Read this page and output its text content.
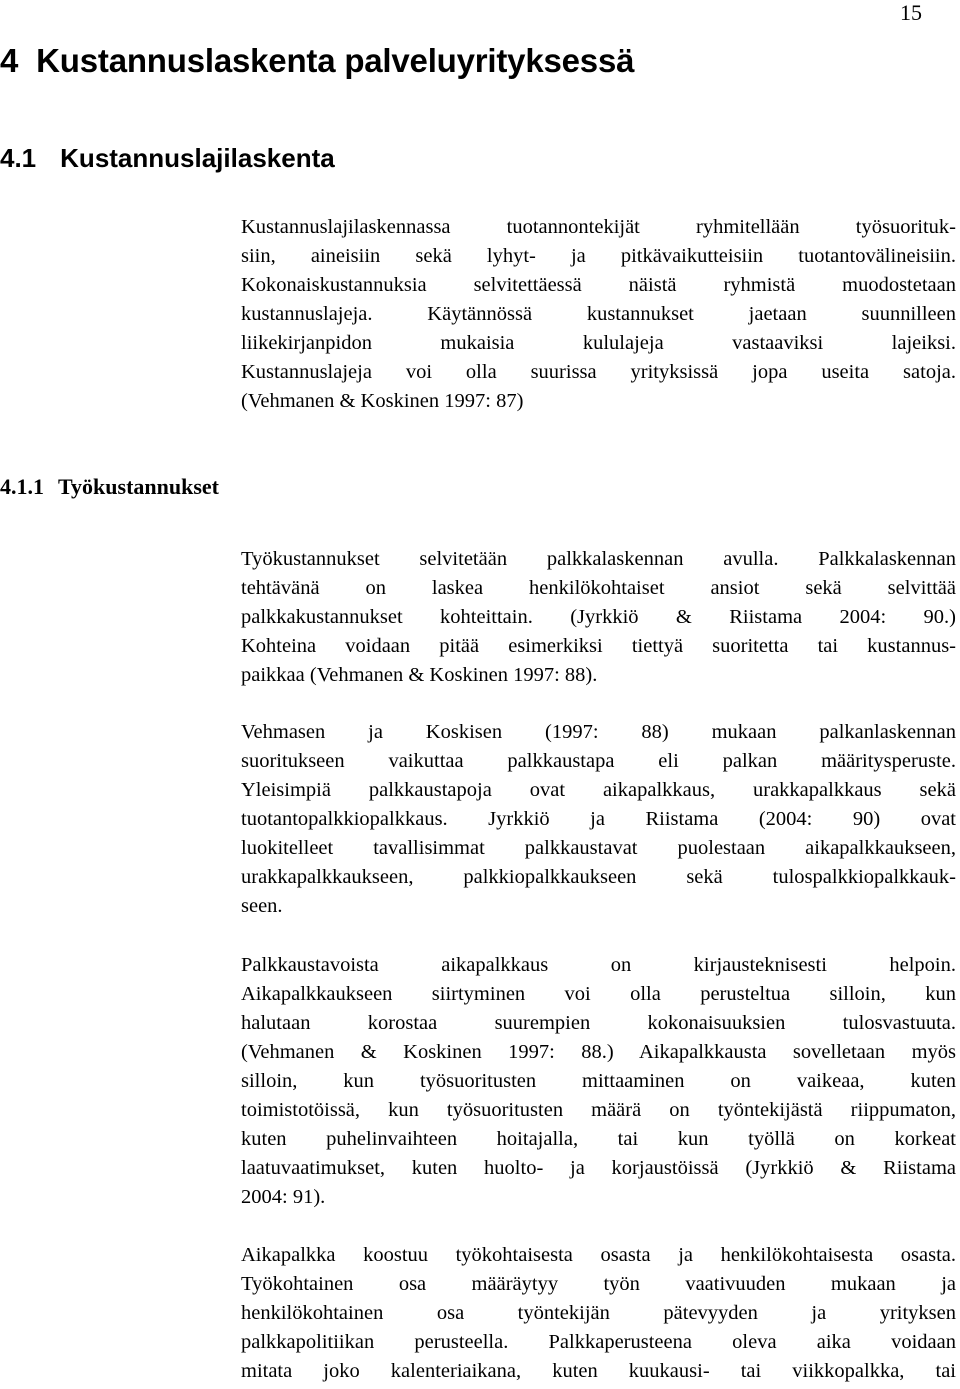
15
4 Kustannuslaskenta palveluyrityksessä
4.1 Kustannuslajilaskenta
Kustannuslajilaskennassa tuotannontekijät ryhmitellään työsuorituk-
siin, aineisiin sekä lyhyt- ja pitkävaikutteisiin tuotantovälineisiin.
Kokonaiskustannuksia selvitettäessä näistä ryhmistä muodostetaan
kustannuslajeja. Käytännössä kustannukset jaetaan suunnilleen
liikekirjanpidon mukaisia kululajeja vastaaviksi lajeiksi.
Kustannuslajeja voi olla suurissa yrityksissä jopa useita satoja.
(Vehmanen & Koskinen 1997: 87)
4.1.1 Työkustannukset
Työkustannukset selvitetään palkkalaskennan avulla. Palkkalaskennan
tehtävänä on laskea henkilökohtaiset ansiot sekä selvittää
palkkakustannukset kohteittain. (Jyrkkiö & Riistama 2004: 90.)
Kohteina voidaan pitää esimerkiksi tiettyä suoritetta tai kustannus-
paikkaa (Vehmanen & Koskinen 1997: 88).
Vehmasen ja Koskisen (1997: 88) mukaan palkanlaskennan
suoritukseen vaikuttaa palkkaustapa eli palkan määritysperuste.
Yleisimpiä palkkaustapoja ovat aikapalkkaus, urakkapalkkaus sekä
tuotantopalkkiopalkkaus. Jyrkkiö ja Riistama (2004: 90) ovat
luokitelleet tavallisimmat palkkaustavat puolestaan aikapalkkaukseen,
urakkapalkkaukseen, palkkiopalkkaukseen sekä tulospalkkiopalkkauk-
seen.
Palkkaustavoista aikapalkkaus on kirjausteknisesti helpoin.
Aikapalkkaukseen siirtyminen voi olla perusteltua silloin, kun
halutaan korostaa suurempien kokonaisuuksien tulosvastuuta.
(Vehmanen & Koskinen 1997: 88.) Aikapalkkausta sovelletaan myös
silloin, kun työsuoritusten mittaaminen on vaikeaa, kuten
toimistotöissä, kun työsuoritusten määrä on työntekijästä riippumaton,
kuten puhelinvaihteen hoitajalla, tai kun työllä on korkeat
laatuvaatimukset, kuten huolto- ja korjaustöissä (Jyrkkiö & Riistama
2004: 91).
Aikapalkka koostuu työkohtaisesta osasta ja henkilökohtaisesta osasta.
Työkohtainen osa määräytyy työn vaativuuden mukaan ja
henkilökohtainen osa työntekijän pätevyyden ja yrityksen
palkkapolitiikan perusteella. Palkkaperusteena oleva aika voidaan
mitata joko kalenteriaikana, kuten kuukausi- tai viikkopalkka, tai
